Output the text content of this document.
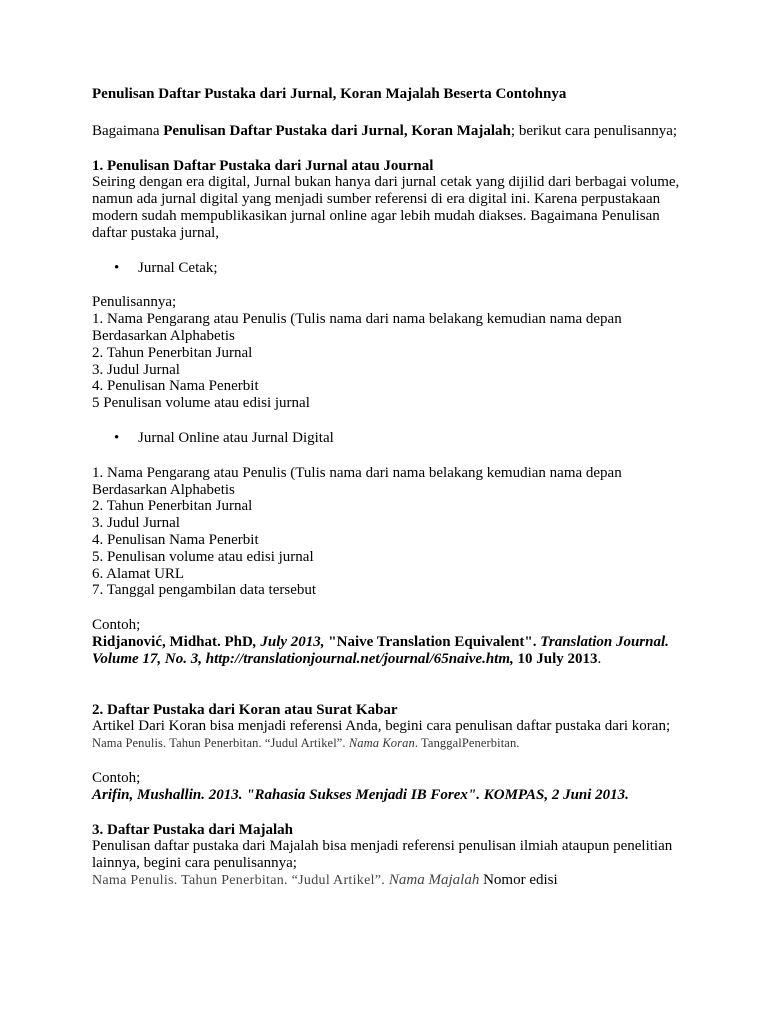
Penulisan Daftar Pustaka dari Jurnal, Koran Majalah Beserta Contohnya

Bagaimana Penulisan Daftar Pustaka dari Jurnal, Koran Majalah; berikut cara penulisannya;

1. Penulisan Daftar Pustaka dari Jurnal atau Journal

Seiring dengan era digital, Jurnal bukan hanya dari jurnal cetak yang dijilid dari berbagai volume, namun ada jurnal digital yang menjadi sumber referensi di era digital ini. Karena perpustakaan modern sudah mempublikasikan jurnal online agar lebih mudah diakses. Bagaimana Penulisan daftar pustaka jurnal,

• Jurnal Cetak;

Penulisannya;

1. Nama Pengarang atau Penulis (Tulis nama dari nama belakang kemudian nama depan Berdasarkan Alphabetis

2. Tahun Penerbitan Jurnal

3. Judul Jurnal

4. Penulisan Nama Penerbit

5 Penulisan volume atau edisi jurnal

• Jurnal Online atau Jurnal Digital

1. Nama Pengarang atau Penulis (Tulis nama dari nama belakang kemudian nama depan Berdasarkan Alphabetis

2. Tahun Penerbitan Jurnal

3. Judul Jurnal

4. Penulisan Nama Penerbit

5. Penulisan volume atau edisi jurnal

6. Alamat URL

7. Tanggal pengambilan data tersebut

Contoh;

Ridjanović, Midhat. PhD, July 2013, "Naive Translation Equivalent". Translation Journal. Volume 17, No. 3, http://translationjournal.net/journal/65naive.htm, 10 July 2013.

2. Daftar Pustaka dari Koran atau Surat Kabar

Artikel Dari Koran bisa menjadi referensi Anda, begini cara penulisan daftar pustaka dari koran;

Nama Penulis. Tahun Penerbitan. “Judul Artikel”. Nama Koran. TanggalPenerbitan.

Contoh;

Arifin, Mushallin. 2013. "Rahasia Sukses Menjadi IB Forex". KOMPAS, 2 Juni 2013.

3. Daftar Pustaka dari Majalah

Penulisan daftar pustaka dari Majalah bisa menjadi referensi penulisan ilmiah ataupun penelitian lainnya, begini cara penulisannya;

Nama Penulis. Tahun Penerbitan. “Judul Artikel”. Nama Majalah Nomor edisi
